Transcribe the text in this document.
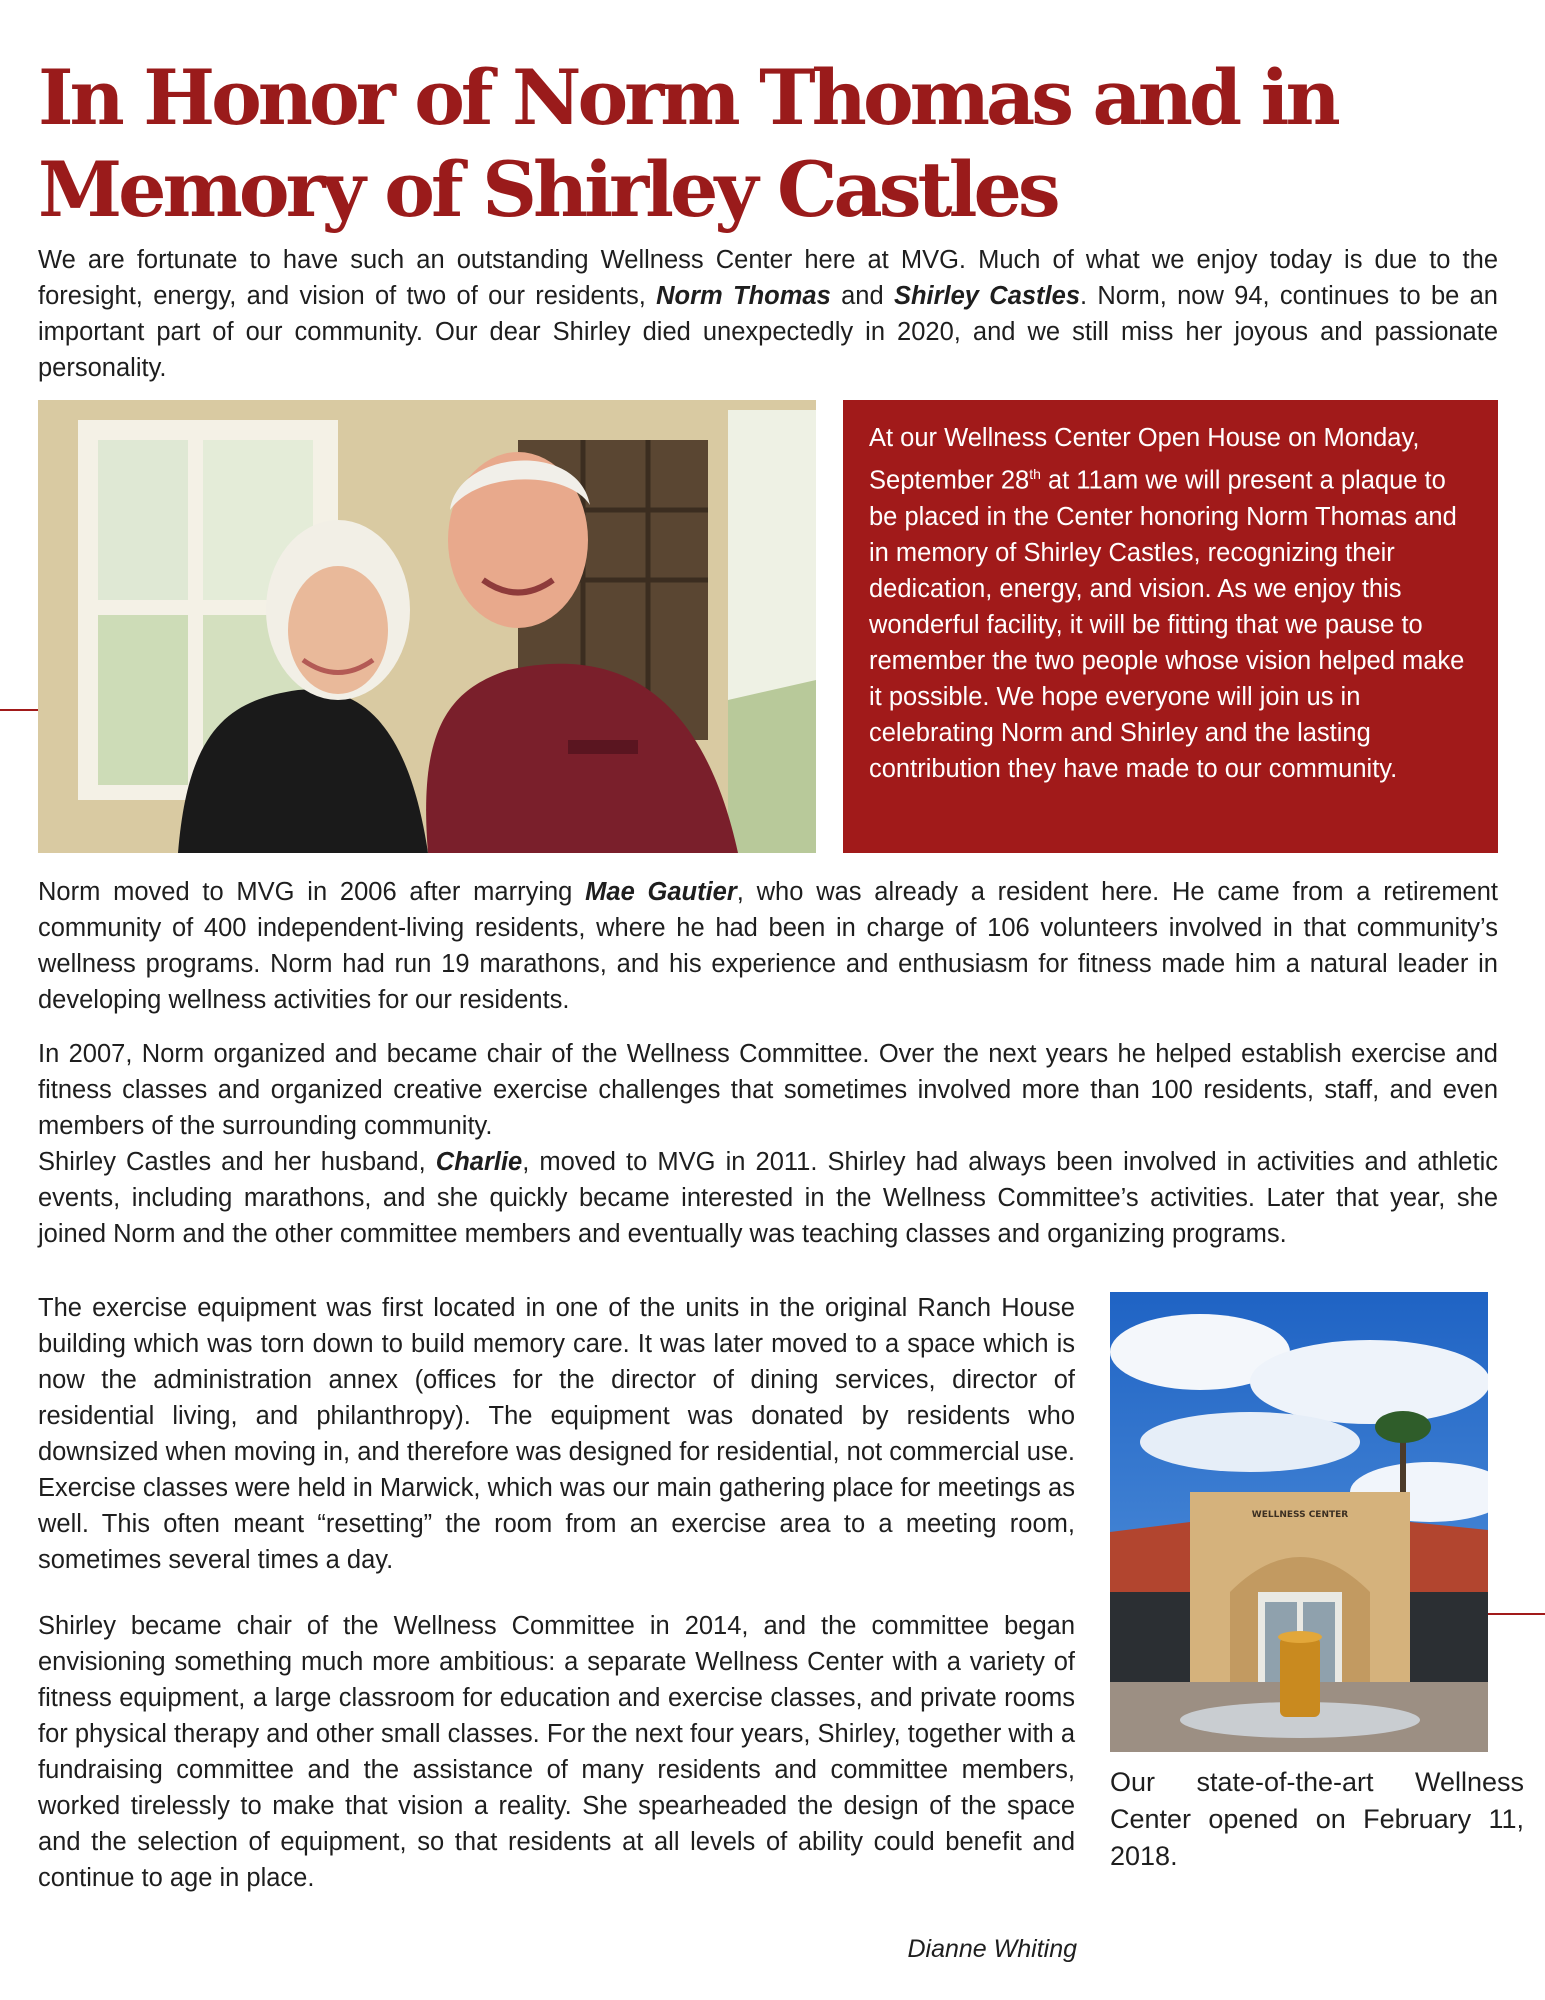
In Honor of Norm Thomas and in
Memory of Shirley Castles

We are fortunate to have such an outstanding Wellness Center here at MVG. Much of what we enjoy today is due to the foresight, energy, and vision of two of our residents, Norm Thomas and Shirley Castles. Norm, now 94, continues to be an important part of our community. Our dear Shirley died unexpectedly in 2020, and we still miss her joyous and passionate personality.

At our Wellness Center Open House on Monday, September 28th at 11am we will present a plaque to be placed in the Center honoring Norm Thomas and in memory of Shirley Castles, recognizing their dedication, energy, and vision. As we enjoy this wonderful facility, it will be fitting that we pause to remember the two people whose vision helped make it possible. We hope everyone will join us in celebrating Norm and Shirley and the lasting contribution they have made to our community.

Norm moved to MVG in 2006 after marrying Mae Gautier, who was already a resident here. He came from a retirement community of 400 independent-living residents, where he had been in charge of 106 volunteers involved in that community’s wellness programs. Norm had run 19 marathons, and his experience and enthusiasm for fitness made him a natural leader in developing wellness activities for our residents.

In 2007, Norm organized and became chair of the Wellness Committee. Over the next years he helped establish exercise and fitness classes and organized creative exercise challenges that sometimes involved more than 100 residents, staff, and even members of the surrounding community.

Shirley Castles and her husband, Charlie, moved to MVG in 2011. Shirley had always been involved in activities and athletic events, including marathons, and she quickly became interested in the Wellness Committee’s activities. Later that year, she joined Norm and the other committee members and eventually was teaching classes and organizing programs.

The exercise equipment was first located in one of the units in the original Ranch House building which was torn down to build memory care. It was later moved to a space which is now the administration annex (offices for the director of dining services, director of residential living, and philanthropy). The equipment was donated by residents who downsized when moving in, and therefore was designed for residential, not commercial use. Exercise classes were held in Marwick, which was our main gathering place for meetings as well. This often meant “resetting” the room from an exercise area to a meeting room, sometimes several times a day.

Shirley became chair of the Wellness Committee in 2014, and the committee began envisioning something much more ambitious: a separate Wellness Center with a variety of fitness equipment, a large classroom for education and exercise classes, and private rooms for physical therapy and other small classes. For the next four years, Shirley, together with a fundraising committee and the assistance of many residents and committee members, worked tirelessly to make that vision a reality. She spearheaded the design of the space and the selection of equipment, so that residents at all levels of ability could benefit and continue to age in place.

WELLNESS CENTER

Our state-of-the-art Wellness Center opened on February 11, 2018.

Dianne Whiting
